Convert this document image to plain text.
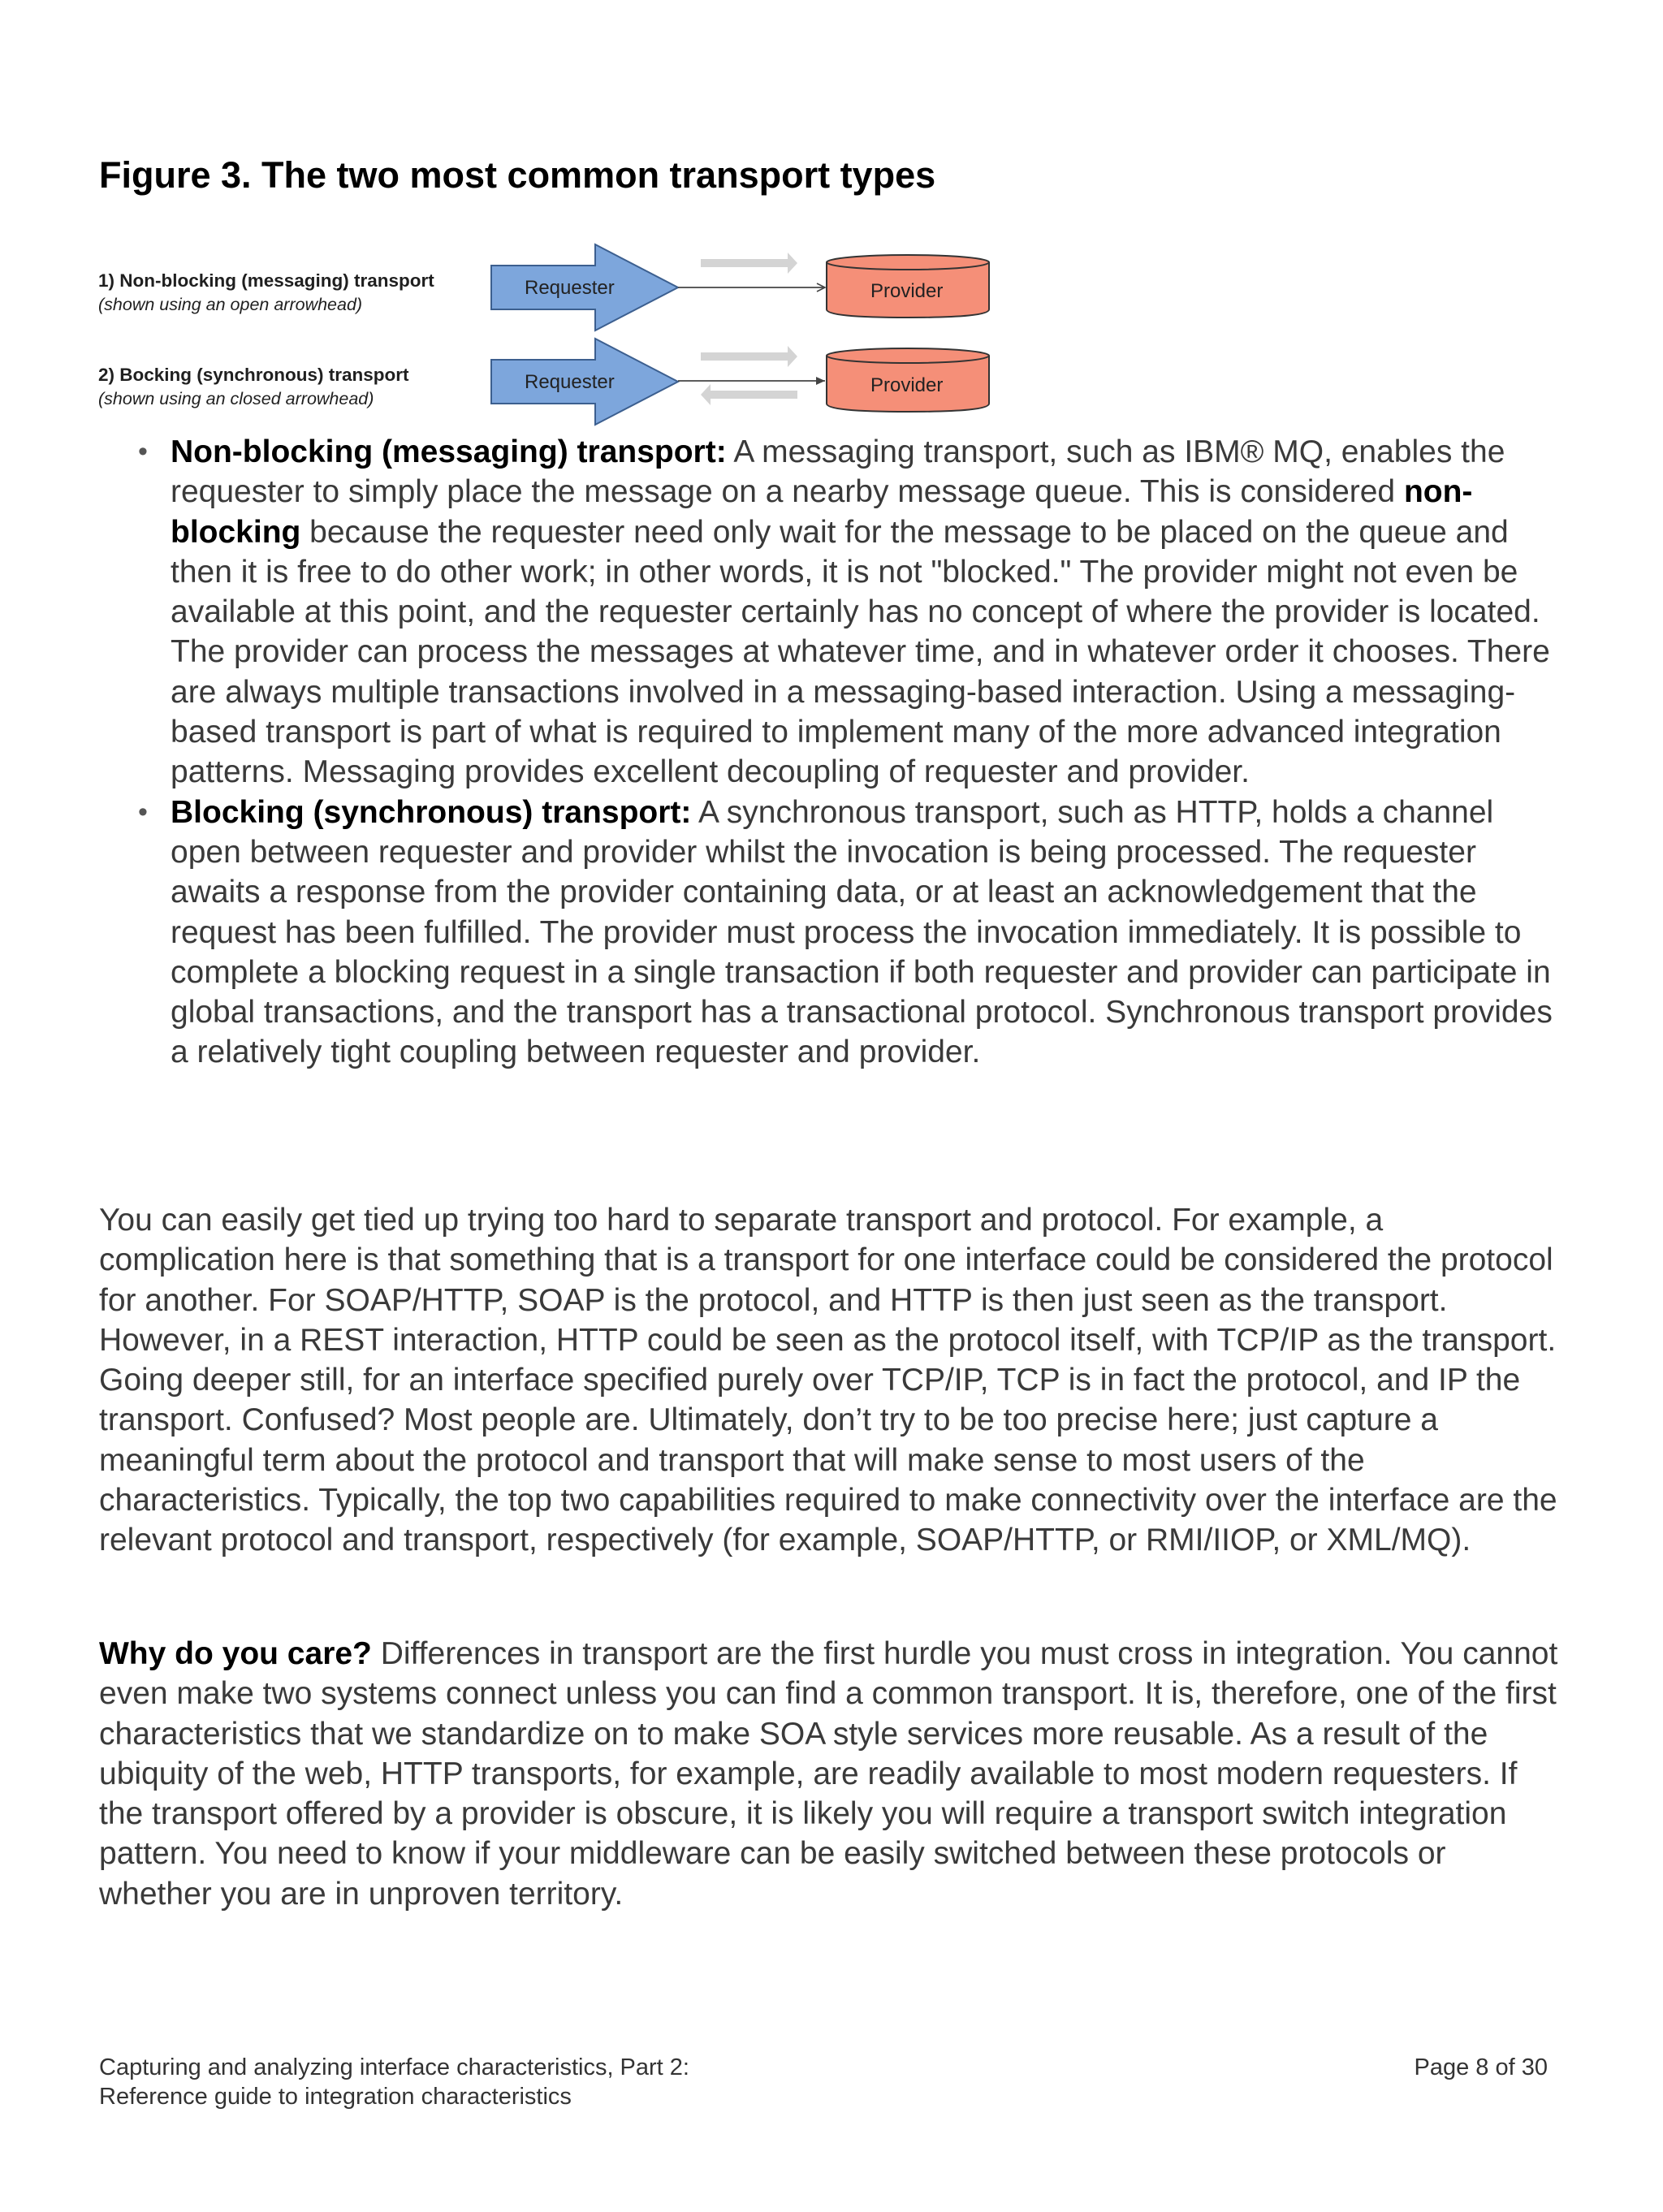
Figure 3. The two most common transport types
1) Non-blocking (messaging) transport
(shown using an open arrowhead)
Requester	Provider
2) Bocking (synchronous) transport
(shown using an closed arrowhead)
Requester	Provider
• Non-blocking (messaging) transport: A messaging transport, such as IBM® MQ, enables the requester to simply place the message on a nearby message queue. This is considered non-blocking because the requester need only wait for the message to be placed on the queue and then it is free to do other work; in other words, it is not "blocked." The provider might not even be available at this point, and the requester certainly has no concept of where the provider is located. The provider can process the messages at whatever time, and in whatever order it chooses. There are always multiple transactions involved in a messaging-based interaction. Using a messaging-based transport is part of what is required to implement many of the more advanced integration patterns. Messaging provides excellent decoupling of requester and provider.
• Blocking (synchronous) transport: A synchronous transport, such as HTTP, holds a channel open between requester and provider whilst the invocation is being processed. The requester awaits a response from the provider containing data, or at least an acknowledgement that the request has been fulfilled. The provider must process the invocation immediately. It is possible to complete a blocking request in a single transaction if both requester and provider can participate in global transactions, and the transport has a transactional protocol. Synchronous transport provides a relatively tight coupling between requester and provider.

You can easily get tied up trying too hard to separate transport and protocol. For example, a complication here is that something that is a transport for one interface could be considered the protocol for another. For SOAP/HTTP, SOAP is the protocol, and HTTP is then just seen as the transport. However, in a REST interaction, HTTP could be seen as the protocol itself, with TCP/IP as the transport. Going deeper still, for an interface specified purely over TCP/IP, TCP is in fact the protocol, and IP the transport. Confused? Most people are. Ultimately, don’t try to be too precise here; just capture a meaningful term about the protocol and transport that will make sense to most users of the characteristics. Typically, the top two capabilities required to make connectivity over the interface are the relevant protocol and transport, respectively (for example, SOAP/HTTP, or RMI/IIOP, or XML/MQ).

Why do you care? Differences in transport are the first hurdle you must cross in integration. You cannot even make two systems connect unless you can find a common transport. It is, therefore, one of the first characteristics that we standardize on to make SOA style services more reusable. As a result of the ubiquity of the web, HTTP transports, for example, are readily available to most modern requesters. If the transport offered by a provider is obscure, it is likely you will require a transport switch integration pattern. You need to know if your middleware can be easily switched between these protocols or whether you are in unproven territory.

Capturing and analyzing interface characteristics, Part 2:
Reference guide to integration characteristics
Page 8 of 30
